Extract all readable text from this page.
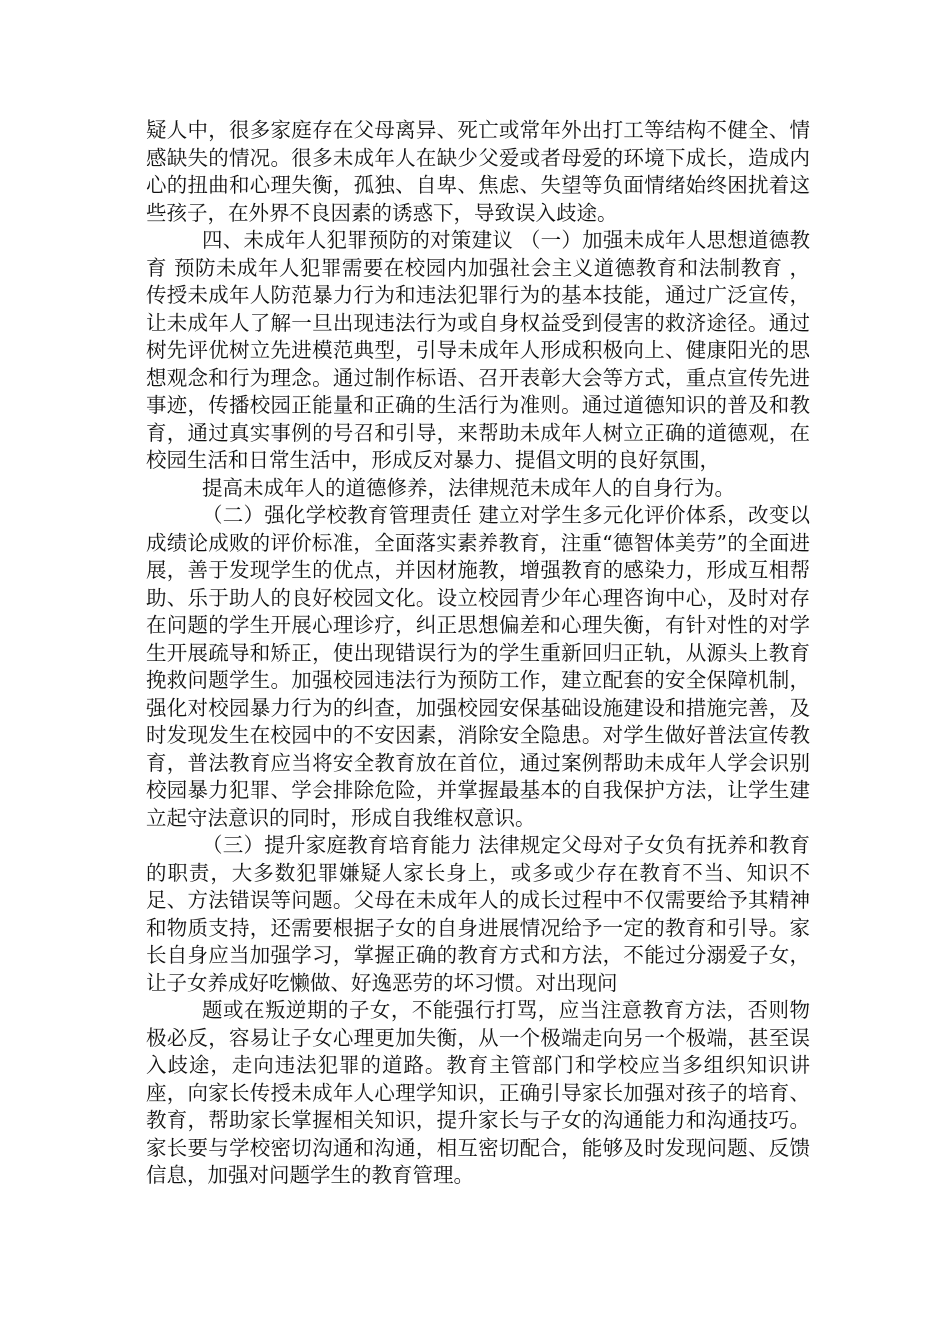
疑人中，很多家庭存在父母离异、死亡或常年外出打工等结构不健全、情感缺失的情况。很多未成年人在缺少父爱或者母爱的环境下成长，造成内心的扭曲和心理失衡，孤独、自卑、焦虑、失望等负面情绪始终困扰着这些孩子，在外界不良因素的诱惑下，导致误入歧途。

四、未成年人犯罪预防的对策建议 （一）加强未成年人思想道德教育 预防未成年人犯罪需要在校园内加强社会主义道德教育和法制教育 ，传授未成年人防范暴力行为和违法犯罪行为的基本技能，通过广泛宣传，让未成年人了解一旦出现违法行为或自身权益受到侵害的救济途径。通过树先评优树立先进模范典型，引导未成年人形成积极向上、健康阳光的思想观念和行为理念。通过制作标语、召开表彰大会等方式，重点宣传先进事迹，传播校园正能量和正确的生活行为准则。通过道德知识的普及和教育，通过真实事例的号召和引导，来帮助未成年人树立正确的道德观，在校园生活和日常生活中，形成反对暴力、提倡文明的良好氛围，

提高未成年人的道德修养，法律规范未成年人的自身行为。

（二）强化学校教育管理责任 建立对学生多元化评价体系，改变以成绩论成败的评价标准，全面落实素养教育，注重“德智体美劳”的全面进展，善于发现学生的优点，并因材施教，增强教育的感染力，形成互相帮助、乐于助人的良好校园文化。设立校园青少年心理咨询中心，及时对存在问题的学生开展心理诊疗，纠正思想偏差和心理失衡，有针对性的对学生开展疏导和矫正，使出现错误行为的学生重新回归正轨，从源头上教育挽救问题学生。加强校园违法行为预防工作，建立配套的安全保障机制，强化对校园暴力行为的纠查，加强校园安保基础设施建设和措施完善，及时发现发生在校园中的不安因素，消除安全隐患。对学生做好普法宣传教育，普法教育应当将安全教育放在首位，通过案例帮助未成年人学会识别校园暴力犯罪、学会排除危险，并掌握最基本的自我保护方法，让学生建立起守法意识的同时，形成自我维权意识。

（三）提升家庭教育培育能力 法律规定父母对子女负有抚养和教育的职责，大多数犯罪嫌疑人家长身上，或多或少存在教育不当、知识不足、方法错误等问题。父母在未成年人的成长过程中不仅需要给予其精神和物质支持，还需要根据子女的自身进展情况给予一定的教育和引导。家长自身应当加强学习，掌握正确的教育方式和方法，不能过分溺爱子女，让子女养成好吃懒做、好逸恶劳的坏习惯。对出现问

题或在叛逆期的子女，不能强行打骂，应当注意教育方法，否则物极必反，容易让子女心理更加失衡，从一个极端走向另一个极端，甚至误入歧途，走向违法犯罪的道路。教育主管部门和学校应当多组织知识讲座，向家长传授未成年人心理学知识，正确引导家长加强对孩子的培育、教育，帮助家长掌握相关知识，提升家长与子女的沟通能力和沟通技巧。家长要与学校密切沟通和沟通，相互密切配合，能够及时发现问题、反馈信息，加强对问题学生的教育管理。
